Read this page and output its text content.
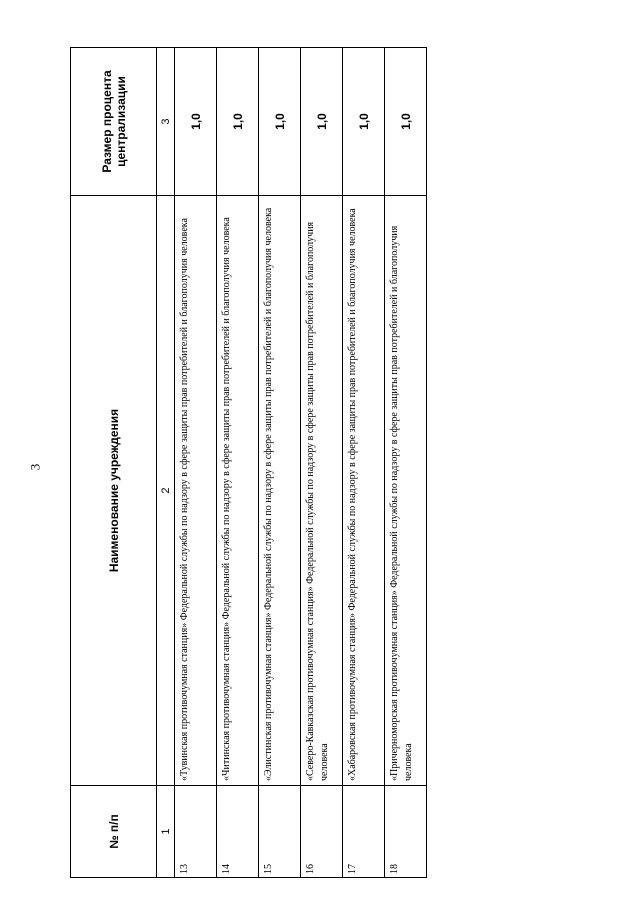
3
№ п/п	Наименование учреждения	Размер процента централизации
1	2	3
13	«Тувинская противочумная станция» Федеральной службы по надзору в сфере защиты прав потребителей и благополучия человека	1,0
14	«Читинская противочумная станция» Федеральной службы по надзору в сфере защиты прав потребителей и благополучия человека	1,0
15	«Элистинская противочумная станция» Федеральной службы по надзору в сфере защиты прав потребителей и благополучия человека	1,0
16	«Северо-Кавказская противочумная станция» Федеральной службы по надзору в сфере защиты прав потребителей и благополучия человека	1,0
17	«Хабаровская противочумная станция» Федеральной службы по надзору в сфере защиты прав потребителей и благополучия человека	1,0
18	«Причерноморская противочумная станция» Федеральной службы по надзору в сфере защиты прав потребителей и благополучия человека	1,0
